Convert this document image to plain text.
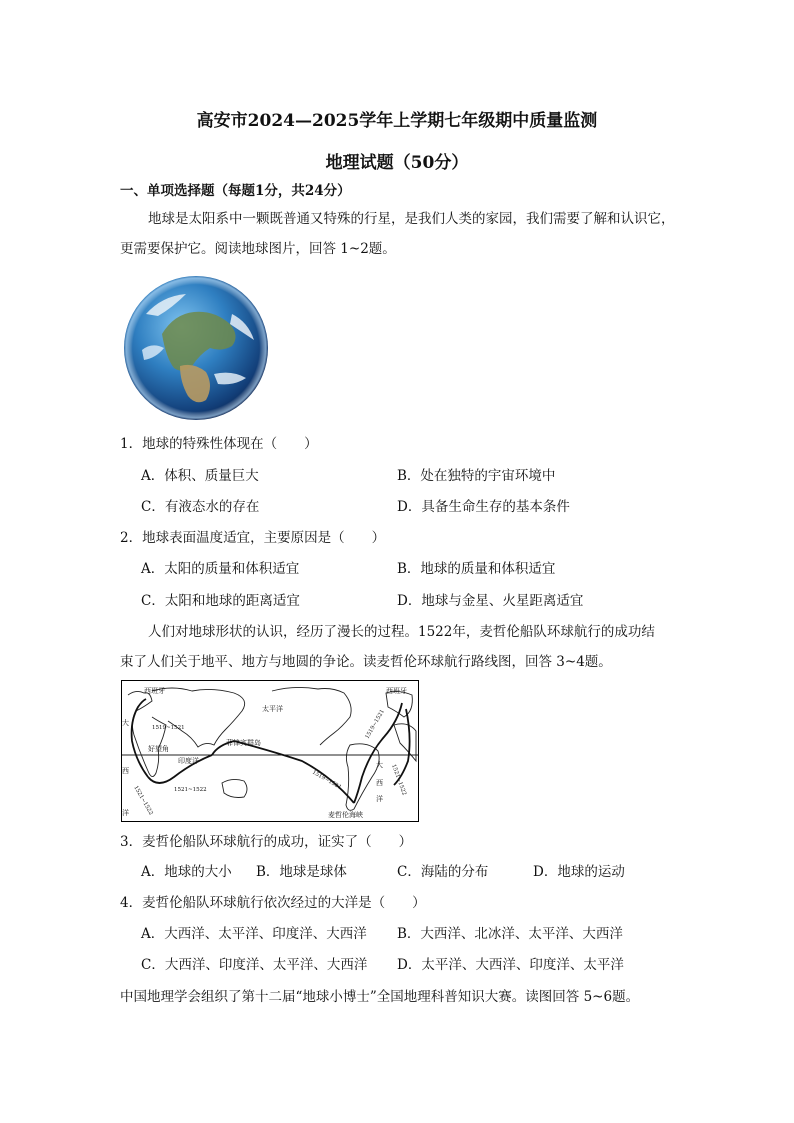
高安市2024—2025学年上学期七年级期中质量监测
地理试题（50分）
一、单项选择题（每题1分，共24分）
地球是太阳系中一颗既普通又特殊的行星，是我们人类的家园，我们需要了解和认识它，
更需要保护它。阅读地球图片，回答 1~2题。
1．地球的特殊性体现在（　　）
A．体积、质量巨大	B．处在独特的宇宙环境中
C．有液态水的存在	D．具备生命生存的基本条件
2．地球表面温度适宜，主要原因是（　　）
A．太阳的质量和体积适宜	B．地球的质量和体积适宜
C．太阳和地球的距离适宜	D．地球与金星、火星距离适宜
人们对地球形状的认识，经历了漫长的过程。1522年，麦哲伦船队环球航行的成功结
束了人们关于地平、地方与地圆的争论。读麦哲伦环球航行路线图，回答 3~4题。
西班牙	西班牙
太平洋
菲律宾群岛
印度洋
麦哲伦海峡
大
西
洋
大
西
洋
好望角
1519~1521
1521~1522
1521~1522
1519~1521
1519~1521
1521~1522
3．麦哲伦船队环球航行的成功，证实了（　　）
A．地球的大小 B．地球是球体	C．海陆的分布	D．地球的运动
4．麦哲伦船队环球航行依次经过的大洋是（　　）
A．大西洋、太平洋、印度洋、大西洋 B．大西洋、北冰洋、太平洋、大西洋
C．大西洋、印度洋、太平洋、大西洋 D．太平洋、大西洋、印度洋、太平洋
中国地理学会组织了第十二届“地球小博士”全国地理科普知识大赛。读图回答 5~6题。
